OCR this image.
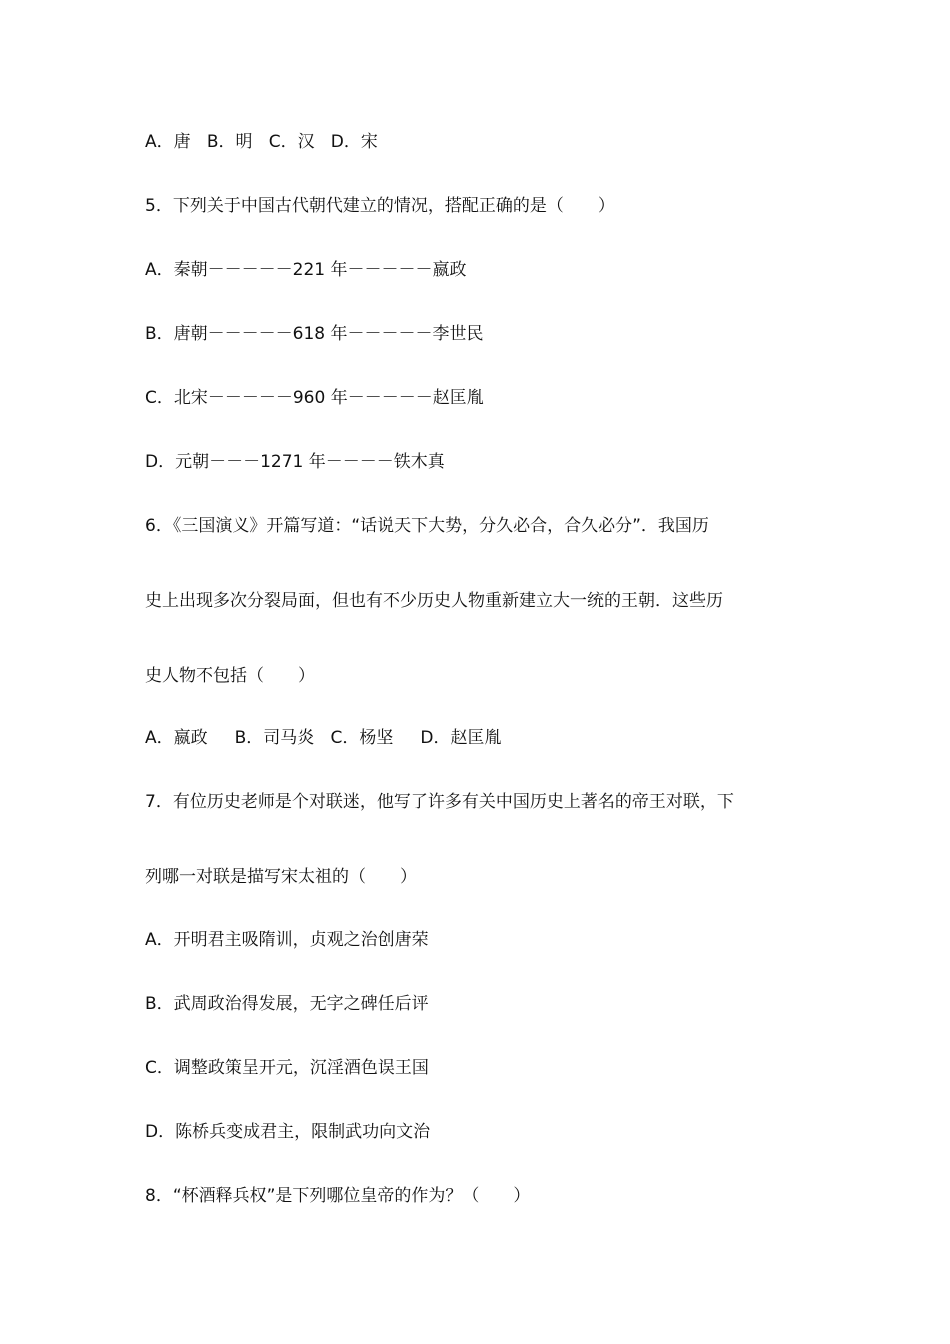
A．唐   B．明   C．汉   D．宋
5．下列关于中国古代朝代建立的情况，搭配正确的是（　　）
A．秦朝－－－－－221 年－－－－－嬴政
B．唐朝－－－－－618 年－－－－－李世民
C．北宋－－－－－960 年－－－－－赵匡胤
D．元朝－－－1271 年－－－－铁木真
6．《三国演义》开篇写道：“话说天下大势，分久必合，合久必分”．我国历
史上出现多次分裂局面，但也有不少历史人物重新建立大一统的王朝．这些历
史人物不包括（　　）
A．嬴政     B．司马炎   C．杨坚     D．赵匡胤
7．有位历史老师是个对联迷，他写了许多有关中国历史上著名的帝王对联，下
列哪一对联是描写宋太祖的（　　）
A．开明君主吸隋训，贞观之治创唐荣
B．武周政治得发展，无字之碑任后评
C．调整政策呈开元，沉淫酒色误王国
D．陈桥兵变成君主，限制武功向文治
8．“杯酒释兵权”是下列哪位皇帝的作为？（　　）
